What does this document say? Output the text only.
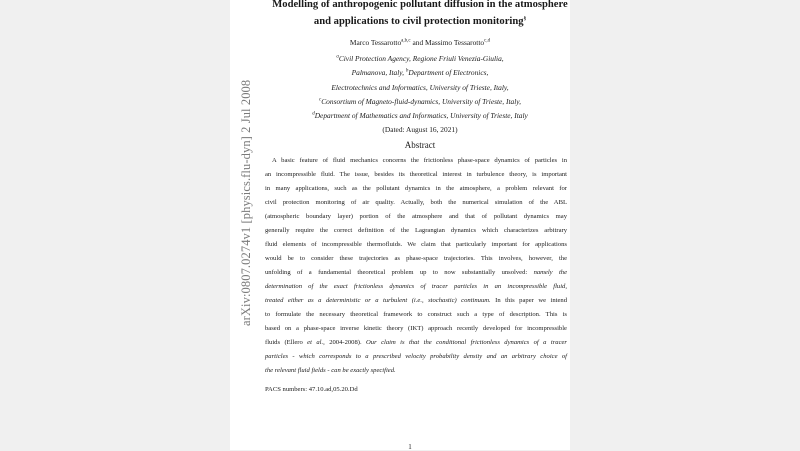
arXiv:0807.0274v1 [physics.flu-dyn] 2 Jul 2008
Modelling of anthropogenic pollutant diffusion in the atmosphere
and applications to civil protection monitoring§
Marco Tessarotto$^{a,b,c}$ and Massimo Tessarotto$^{c,d}$
$^a$Civil Protection Agency, Regione Friuli Venezia-Giulia,
Palmanova, Italy, $^b$Department of Electronics,
Electrotechnics and Informatics, University of Trieste, Italy,
$^c$Consortium of Magneto-fluid-dynamics, University of Trieste, Italy,
$^d$Department of Mathematics and Informatics, University of Trieste, Italy
(Dated: August 16, 2021)
Abstract
A basic feature of fluid mechanics concerns the frictionless phase-space dynamics of particles in
an incompressible fluid. The issue, besides its theoretical interest in turbulence theory, is important
in many applications, such as the pollutant dynamics in the atmosphere, a problem relevant for
civil protection monitoring of air quality. Actually, both the numerical simulation of the ABL
(atmospheric boundary layer) portion of the atmosphere and that of pollutant dynamics may
generally require the correct definition of the Lagrangian dynamics which characterizes arbitrary
fluid elements of incompressible thermofluids. We claim that particularly important for applications
would be to consider these trajectories as phase-space trajectories. This involves, however, the
unfolding of a fundamental theoretical problem up to now substantially unsolved: namely the
determination of the exact frictionless dynamics of tracer particles in an incompressible fluid,
treated either as a deterministic or a turbulent (i.e., stochastic) continuum. In this paper we intend
to formulate the necessary theoretical framework to construct such a type of description. This is
based on a phase-space inverse kinetic theory (IKT) approach recently developed for incompressible
fluids (Ellero et al., 2004-2008). Our claim is that the conditional frictionless dynamics of a tracer
particles - which corresponds to a prescribed velocity probability density and an arbitrary choice of
the relevant fluid fields - can be exactly specified.
PACS numbers: 47.10.ad,05.20.Dd
1
